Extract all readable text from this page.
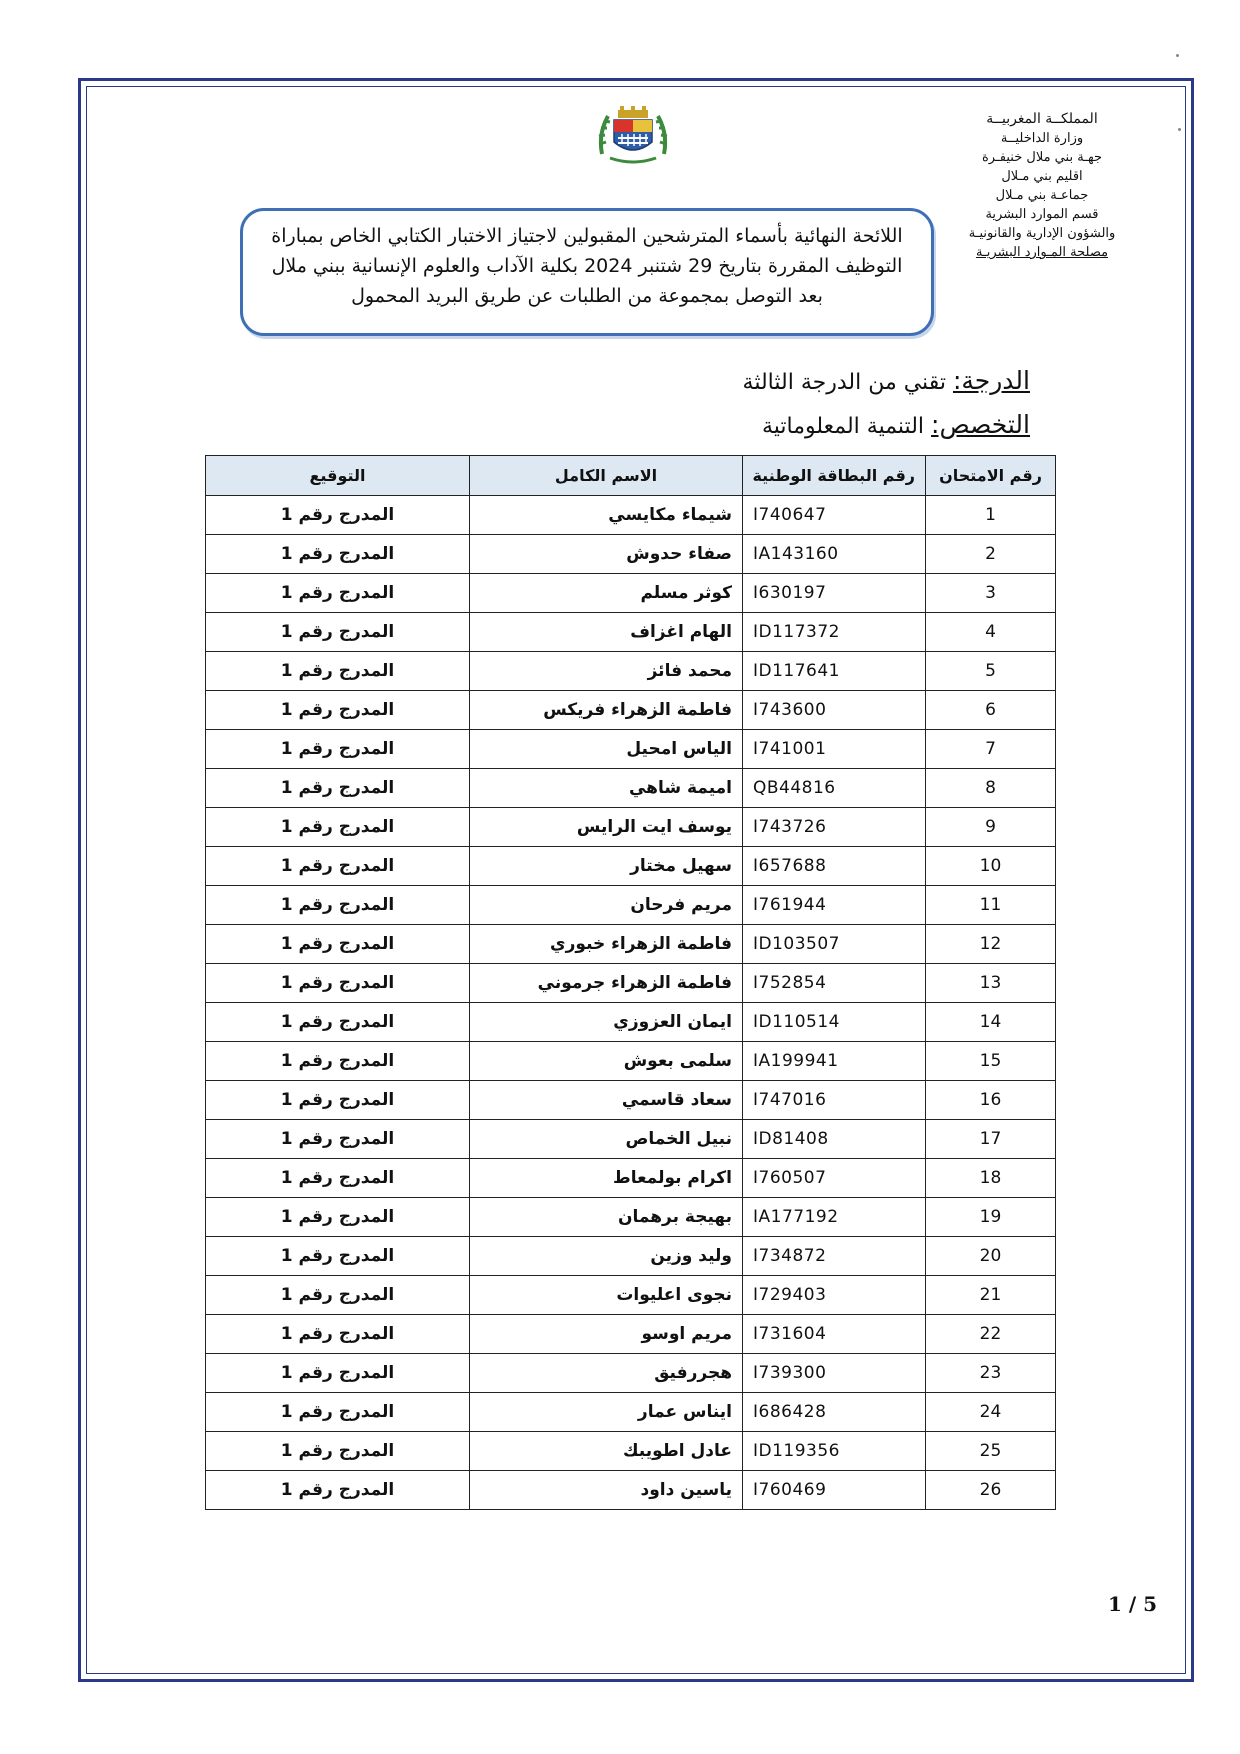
المملكــة المغربيــة
وزارة الداخليــة
جهـة بني ملال خنيفـرة
اقليم بني مـلال
جماعـة بني مـلال
قسم الموارد البشرية
والشؤون الإدارية والقانونيـة
مصلحة المـوارد البشريـة
اللائحة النهائية بأسماء المترشحين المقبولين لاجتياز الاختبار الكتابي الخاص بمباراة
التوظيف المقررة بتاريخ 29 شتنبر 2024 بكلية الآداب والعلوم الإنسانية ببني ملال
بعد التوصل بمجموعة من الطلبات عن طريق البريد المحمول
الدرجة: تقني من الدرجة الثالثة
التخصص: التنمية المعلوماتية
رقم الامتحان	رقم البطاقة الوطنية	الاسم الكامل	التوقيع
1	I740647	شيماء مكايسي	المدرج رقم 1
2	IA143160	صفاء حدوش	المدرج رقم 1
3	I630197	كوثر مسلم	المدرج رقم 1
4	ID117372	الهام اغزاف	المدرج رقم 1
5	ID117641	محمد فائز	المدرج رقم 1
6	I743600	فاطمة الزهراء فريكس	المدرج رقم 1
7	I741001	الياس امحيل	المدرج رقم 1
8	QB44816	اميمة شاهي	المدرج رقم 1
9	I743726	يوسف ايت الرايس	المدرج رقم 1
10	I657688	سهيل مختار	المدرج رقم 1
11	I761944	مريم فرحان	المدرج رقم 1
12	ID103507	فاطمة الزهراء خبوري	المدرج رقم 1
13	I752854	فاطمة الزهراء جرموني	المدرج رقم 1
14	ID110514	ايمان العزوزي	المدرج رقم 1
15	IA199941	سلمى بعوش	المدرج رقم 1
16	I747016	سعاد قاسمي	المدرج رقم 1
17	ID81408	نبيل الخماص	المدرج رقم 1
18	I760507	اكرام بولمعاط	المدرج رقم 1
19	IA177192	بهيجة برهمان	المدرج رقم 1
20	I734872	وليد وزين	المدرج رقم 1
21	I729403	نجوى اعليوات	المدرج رقم 1
22	I731604	مريم اوسو	المدرج رقم 1
23	I739300	هجررفيق	المدرج رقم 1
24	I686428	ايناس عمار	المدرج رقم 1
25	ID119356	عادل اطويبك	المدرج رقم 1
26	I760469	ياسين داود	المدرج رقم 1
1 / 5
